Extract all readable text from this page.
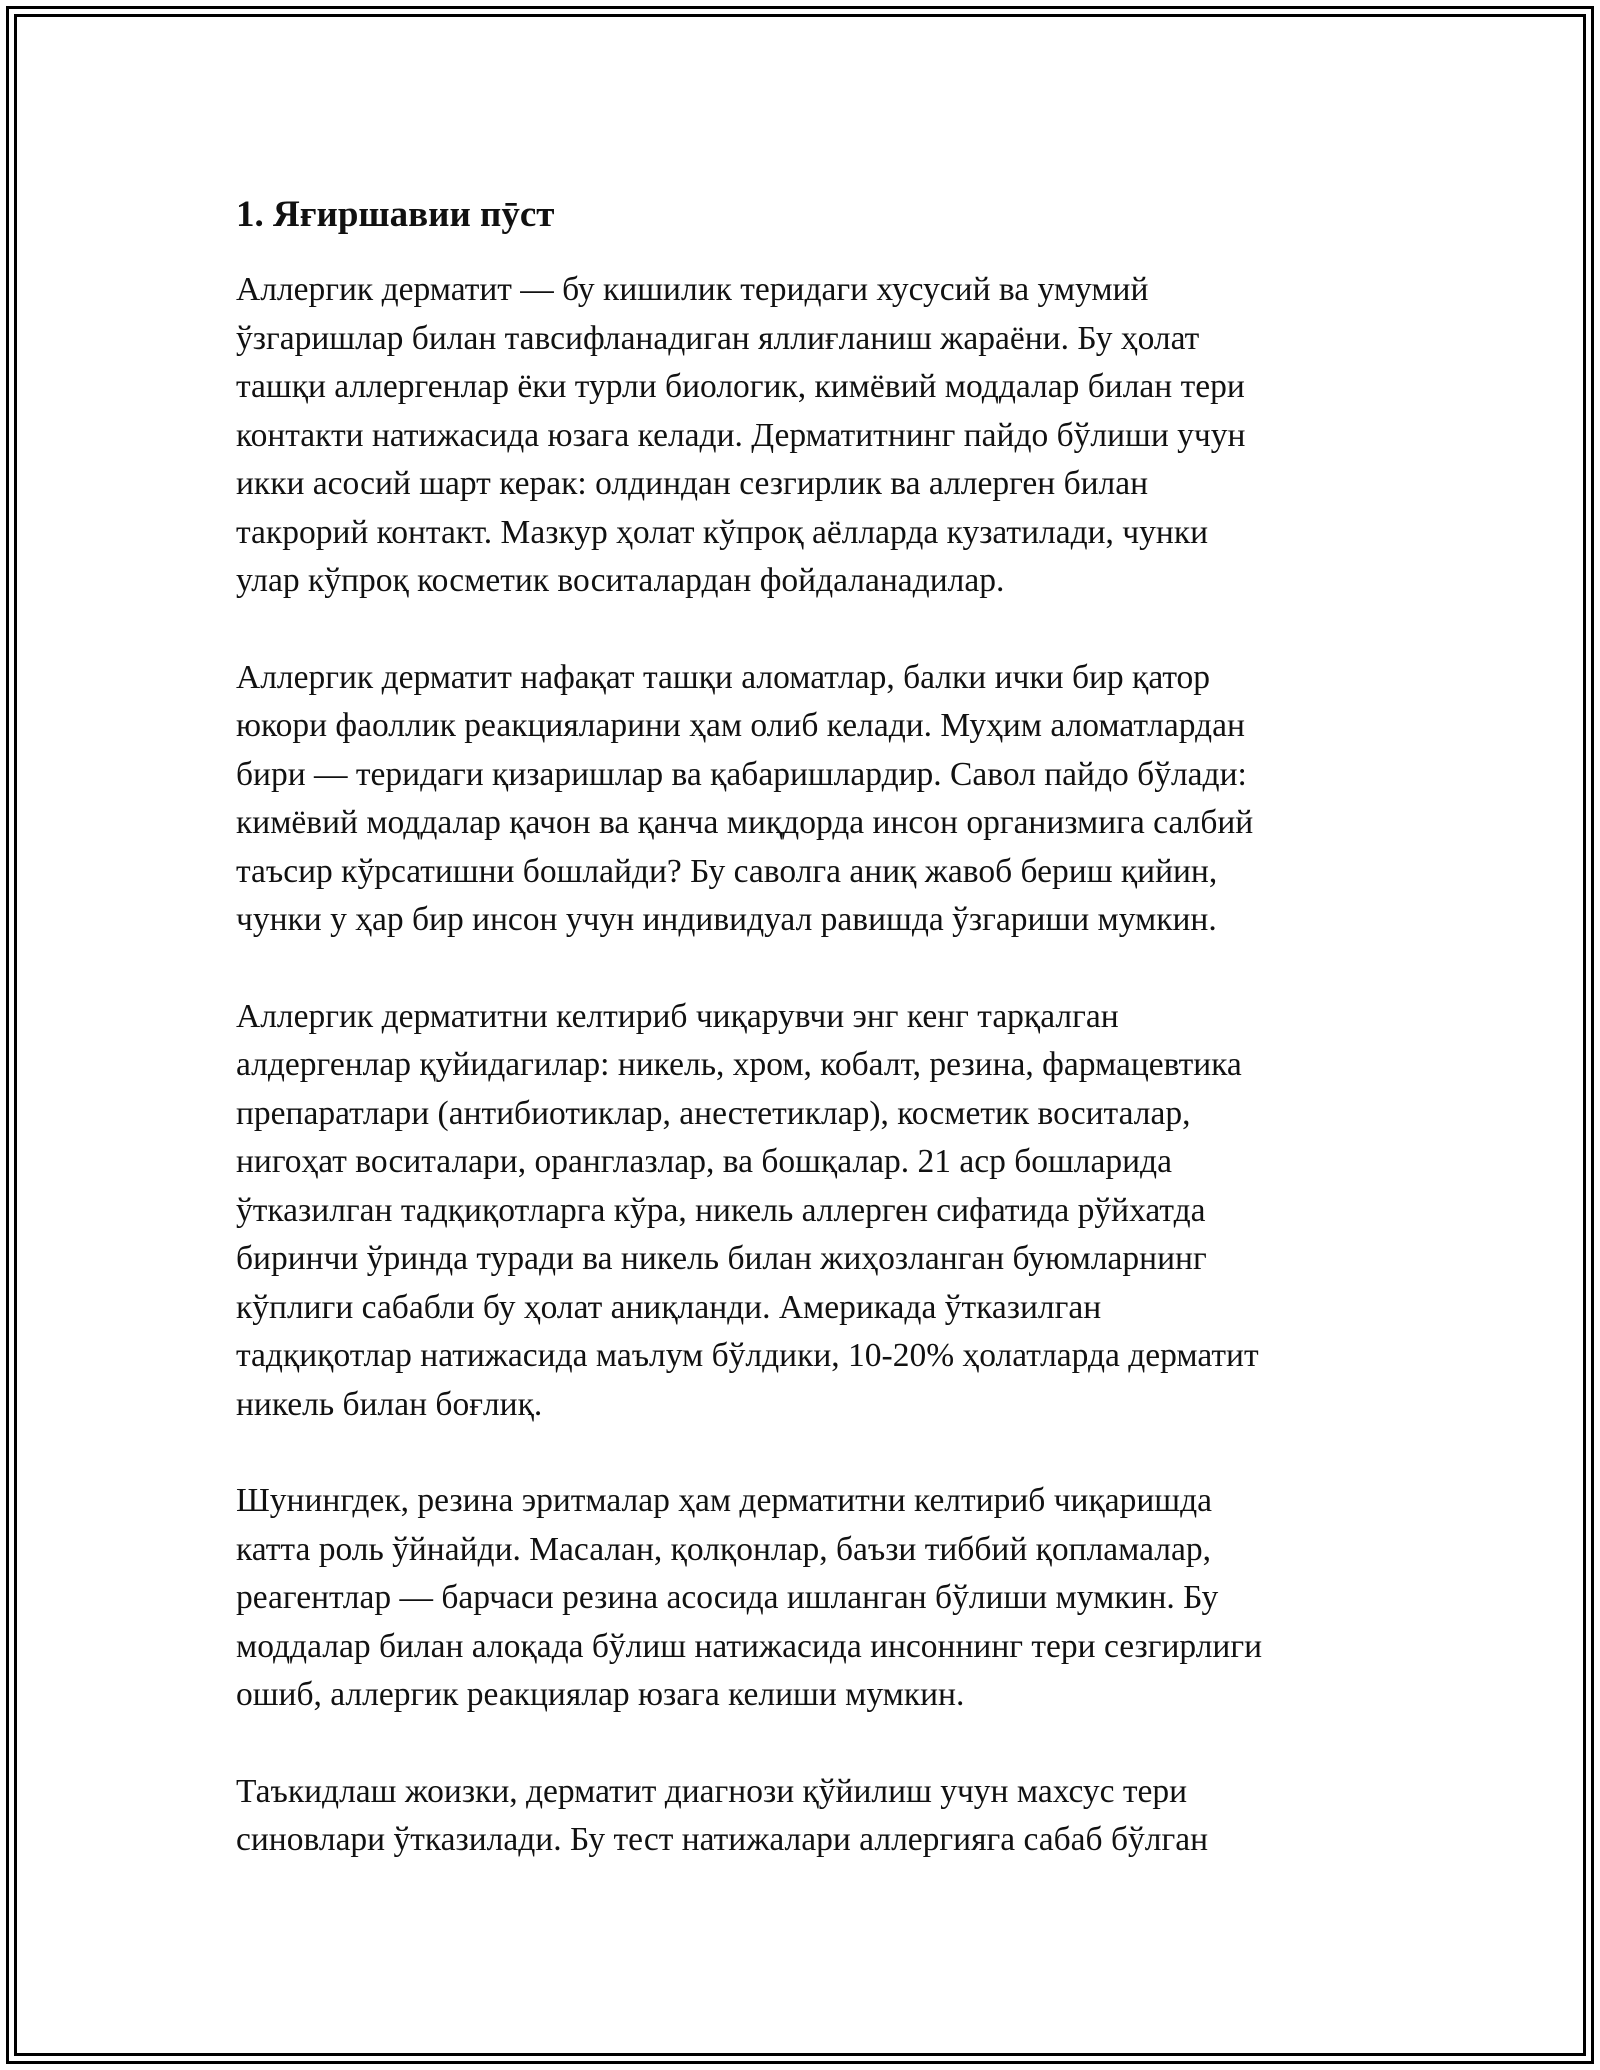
1. Яғиршавии пӯст

Аллергик дерматит — бу кишилик теридаги хусусий ва умумий
ўзгаришлар билан тавсифланадиган яллиғланиш жараёни. Бу ҳолат
ташқи аллергенлар ёки турли биологик, кимёвий моддалар билан тери
контакти натижасида юзага келади. Дерматитнинг пайдо бўлиши учун
икки асосий шарт керак: олдиндан сезгирлик ва аллерген билан
такрорий контакт. Мазкур ҳолат кўпроқ аёлларда кузатилади, чунки
улар кўпроқ косметик воситалардан фойдаланадилар.

Аллергик дерматит нафақат ташқи аломатлар, балки ички бир қатор
юкори фаоллик реакцияларини ҳам олиб келади. Муҳим аломатлардан
бири — теридаги қизаришлар ва қабаришлардир. Савол пайдо бўлади:
кимёвий моддалар қачон ва қанча миқдорда инсон организмига салбий
таъсир кўрсатишни бошлайди? Бу саволга аниқ жавоб бериш қийин,
чунки у ҳар бир инсон учун индивидуал равишда ўзгариши мумкин.

Аллергик дерматитни келтириб чиқарувчи энг кенг тарқалган
алдергенлар қуйидагилар: никель, хром, кобалт, резина, фармацевтика
препаратлари (антибиотиклар, анестетиклар), косметик воситалар,
нигоҳат воситалари, оранглазлар, ва бошқалар. 21 аср бошларида
ўтказилган тадқиқотларга кўра, никель аллерген сифатида рўйхатда
биринчи ўринда туради ва никель билан жиҳозланган буюмларнинг
кўплиги сабабли бу ҳолат аниқланди. Америкада ўтказилган
тадқиқотлар натижасида маълум бўлдики, 10-20% ҳолатларда дерматит
никель билан боғлиқ.

Шунингдек, резина эритмалар ҳам дерматитни келтириб чиқаришда
катта роль ўйнайди. Масалан, қолқонлар, баъзи тиббий қопламалар,
реагентлар — барчаси резина асосида ишланган бўлиши мумкин. Бу
моддалар билан алоқада бўлиш натижасида инсоннинг тери сезгирлиги
ошиб, аллергик реакциялар юзага келиши мумкин.

Таъкидлаш жоизки, дерматит диагнози қўйилиш учун махсус тери
синовлари ўтказилади. Бу тест натижалари аллергияга сабаб бўлган
